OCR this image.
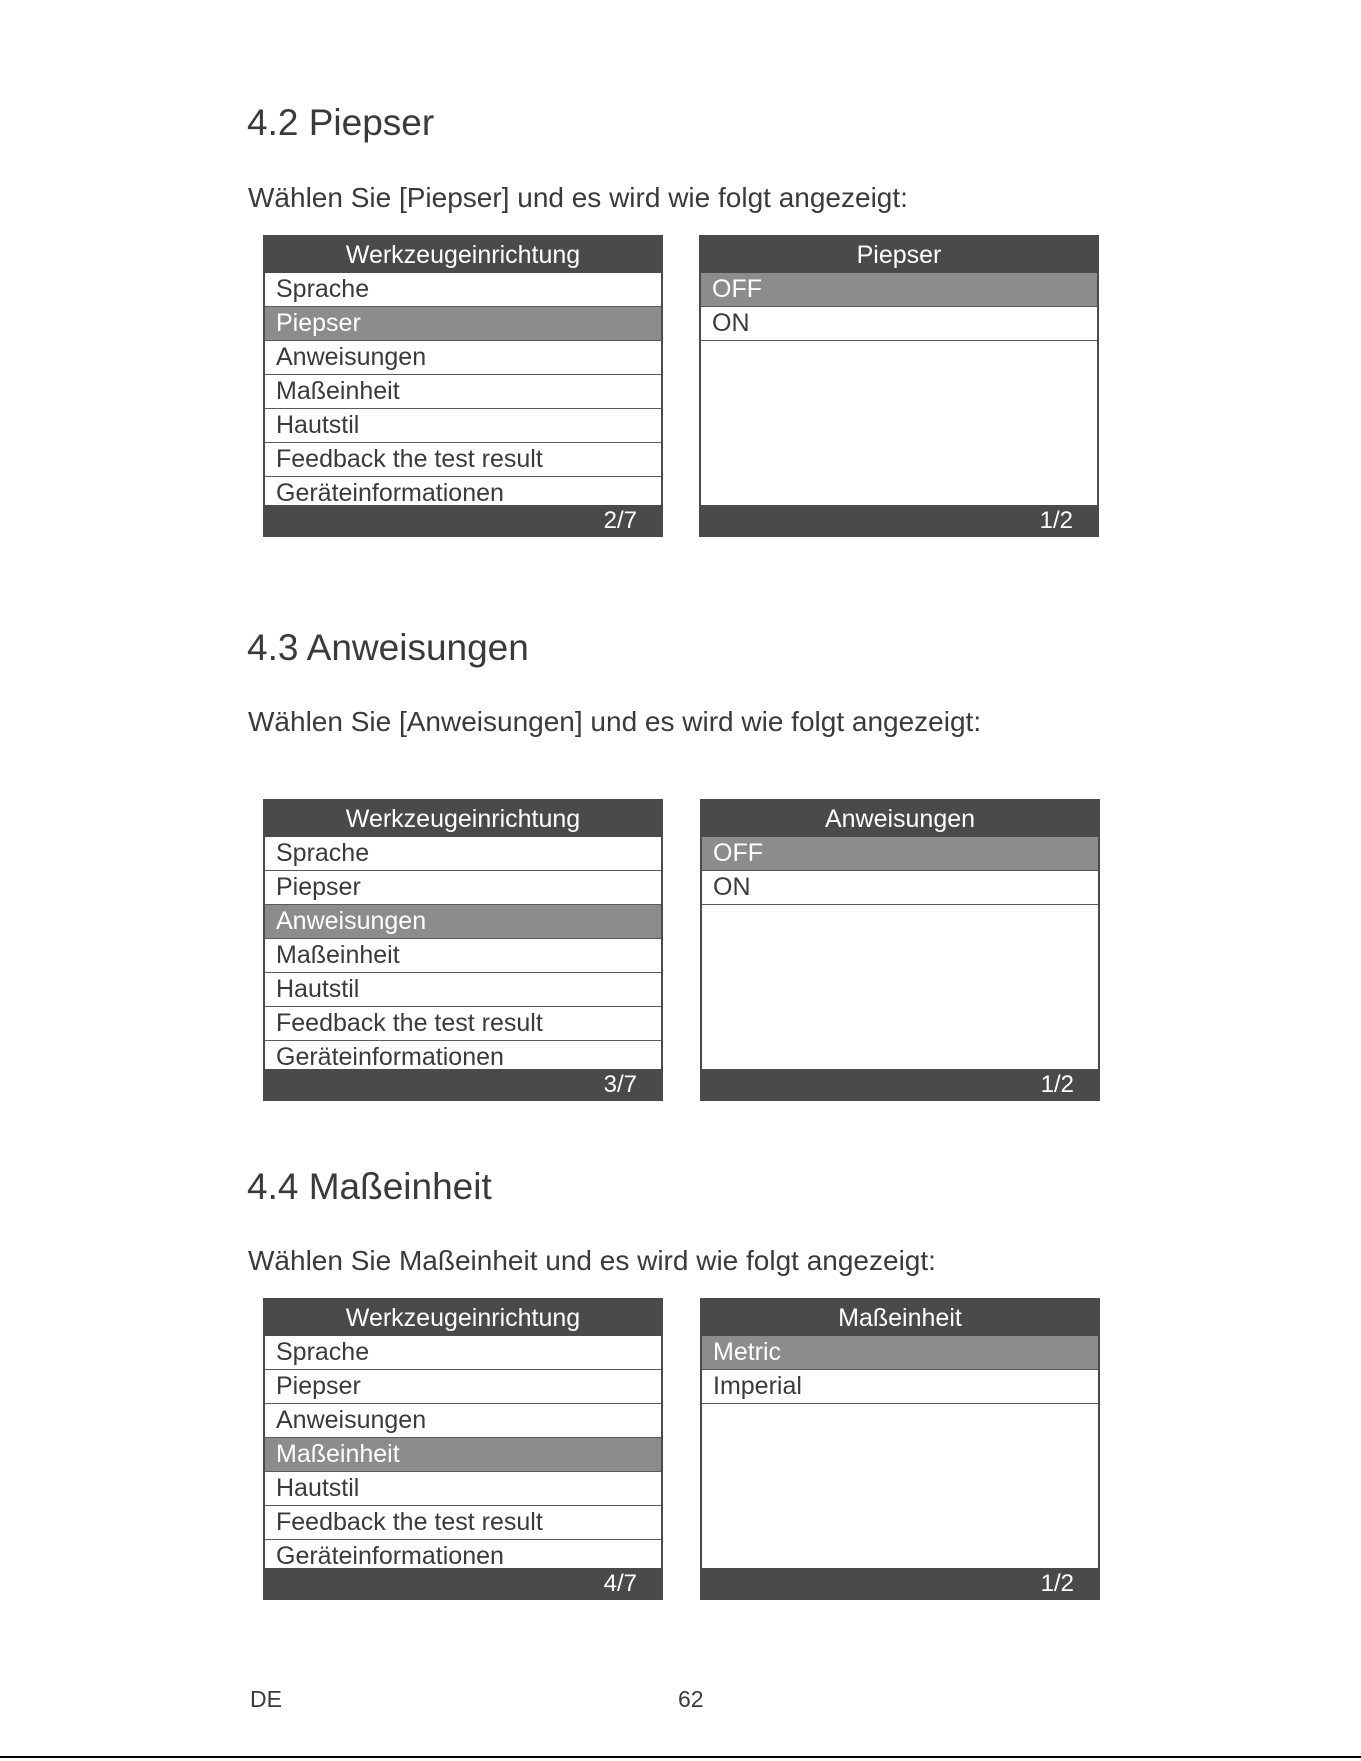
4.2 Piepser

Wählen Sie [Piepser] und es wird wie folgt angezeigt:

Werkzeugeinrichtung
Sprache
Piepser
Anweisungen
Maßeinheit
Hautstil
Feedback the test result
Geräteinformationen
2/7
Piepser
OFF
ON
1/2
4.3 Anweisungen

Wählen Sie [Anweisungen] und es wird wie folgt angezeigt:

Werkzeugeinrichtung
Sprache
Piepser
Anweisungen
Maßeinheit
Hautstil
Feedback the test result
Geräteinformationen
3/7
Anweisungen
OFF
ON
1/2
4.4 Maßeinheit

Wählen Sie Maßeinheit und es wird wie folgt angezeigt:

Werkzeugeinrichtung
Sprache
Piepser
Anweisungen
Maßeinheit
Hautstil
Feedback the test result
Geräteinformationen
4/7
Maßeinheit
Metric
Imperial
1/2
DE	62
